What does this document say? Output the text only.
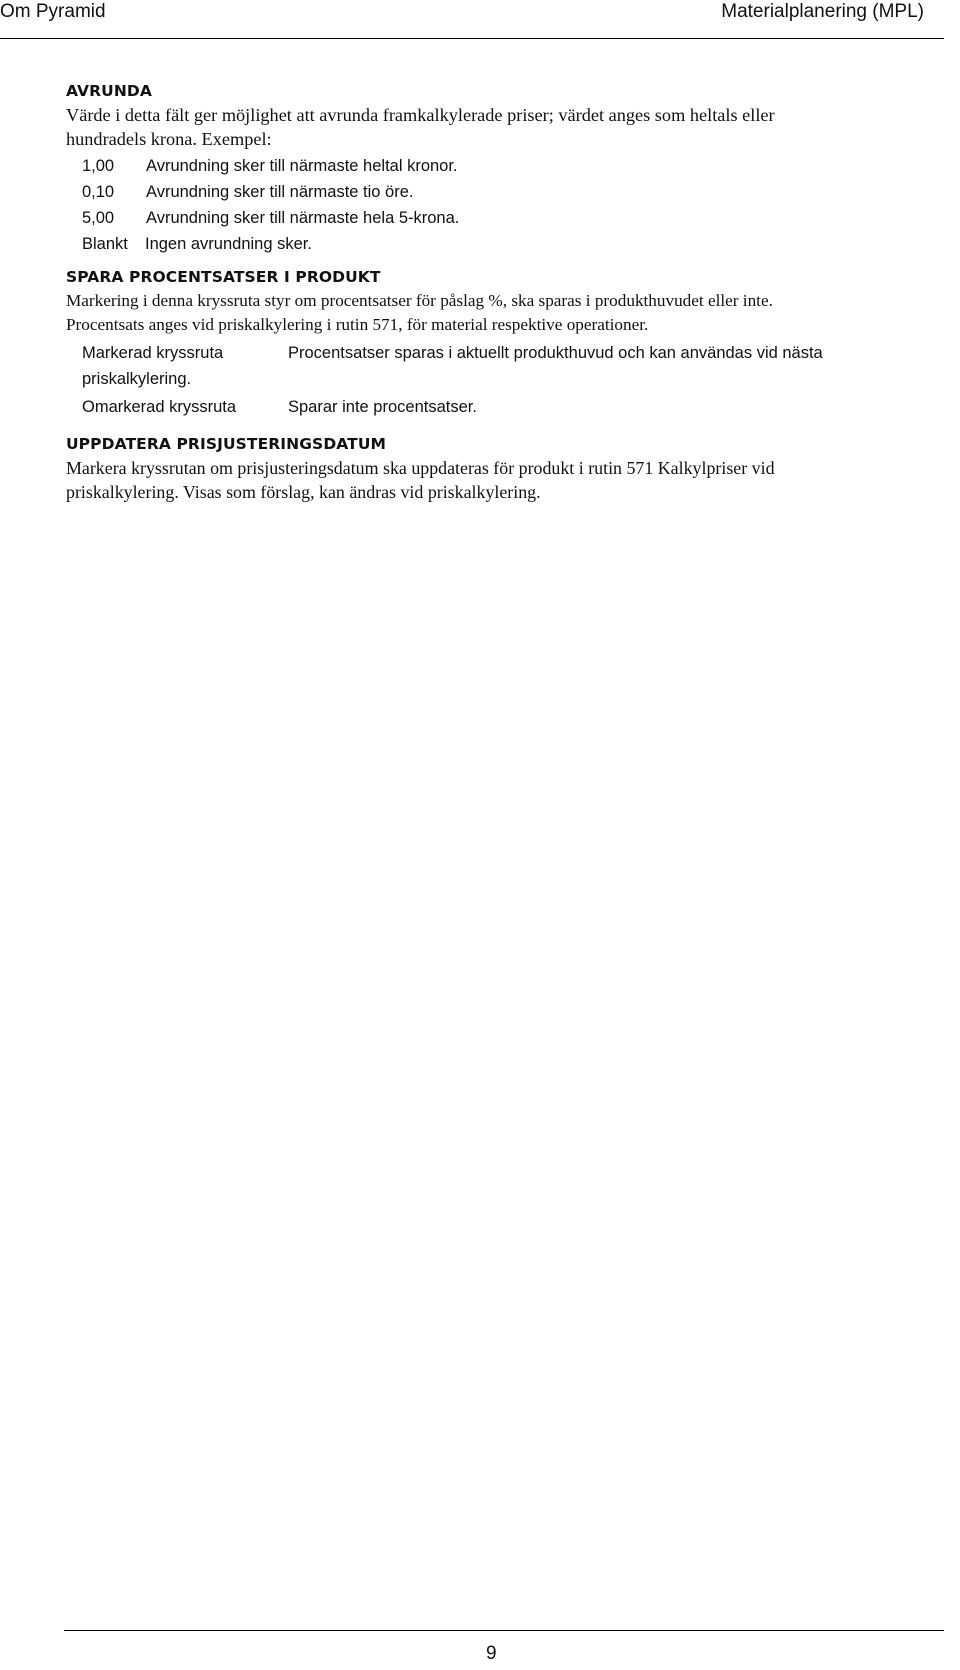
Om Pyramid	Materialplanering (MPL)
AVRUNDA

Värde i detta fält ger möjlighet att avrunda framkalkylerade priser; värdet anges som heltals eller hundradels krona. Exempel:

1,00 Avrundning sker till närmaste heltal kronor.
0,10 Avrundning sker till närmaste tio öre.
5,00 Avrundning sker till närmaste hela 5-krona.
Blankt Ingen avrundning sker.
SPARA PROCENTSATSER I PRODUKT

Markering i denna kryssruta styr om procentsatser för påslag %, ska sparas i produkthuvudet eller inte.

Procentsats anges vid priskalkylering i rutin 571, för material respektive operationer.

Markerad kryssruta	Procentsatser sparas i aktuellt produkthuvud och kan användas vid nästa
priskalkylering.
Omarkerad kryssruta	Sparar inte procentsatser.
UPPDATERA PRISJUSTERINGSDATUM

Markera kryssrutan om prisjusteringsdatum ska uppdateras för produkt i rutin 571 Kalkylpriser vid

priskalkylering. Visas som förslag, kan ändras vid priskalkylering.

9
